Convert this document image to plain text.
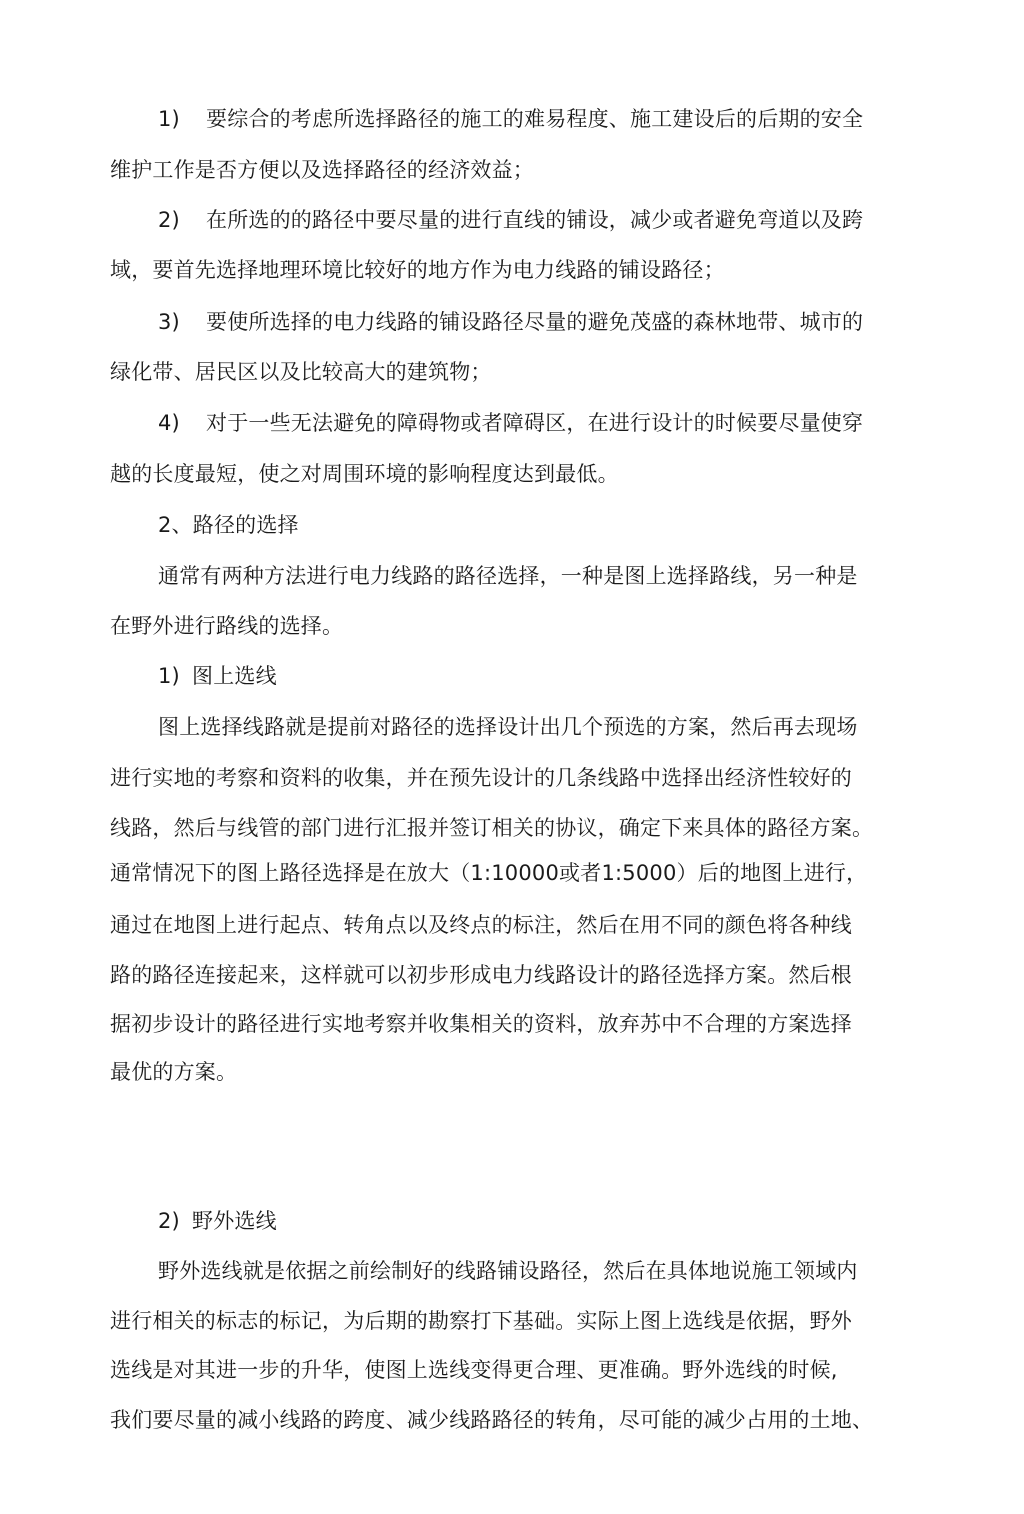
1) 要综合的考虑所选择路径的施工的难易程度、施工建设后的后期的安全
维护工作是否方便以及选择路径的经济效益；
2) 在所选的的路径中要尽量的进行直线的铺设，减少或者避免弯道以及跨
域，要首先选择地理环境比较好的地方作为电力线路的铺设路径；
3) 要使所选择的电力线路的铺设路径尽量的避免茂盛的森林地带、城市的
绿化带、居民区以及比较高大的建筑物；
4) 对于一些无法避免的障碍物或者障碍区，在进行设计的时候要尽量使穿
越的长度最短，使之对周围环境的影响程度达到最低。
2、路径的选择
通常有两种方法进行电力线路的路径选择，一种是图上选择路线，另一种是
在野外进行路线的选择。
1) 图上选线
图上选择线路就是提前对路径的选择设计出几个预选的方案，然后再去现场
进行实地的考察和资料的收集，并在预先设计的几条线路中选择出经济性较好的
线路，然后与线管的部门进行汇报并签订相关的协议，确定下来具体的路径方案。
通常情况下的图上路径选择是在放大（1:10000或者1:5000）后的地图上进行，
通过在地图上进行起点、转角点以及终点的标注，然后在用不同的颜色将各种线
路的路径连接起来，这样就可以初步形成电力线路设计的路径选择方案。然后根
据初步设计的路径进行实地考察并收集相关的资料，放弃苏中不合理的方案选择
最优的方案。
2) 野外选线
野外选线就是依据之前绘制好的线路铺设路径，然后在具体地说施工领域内
进行相关的标志的标记，为后期的勘察打下基础。实际上图上选线是依据，野外
选线是对其进一步的升华，使图上选线变得更合理、更准确。野外选线的时候,
我们要尽量的减小线路的跨度、减少线路路径的转角，尽可能的减少占用的土地、
